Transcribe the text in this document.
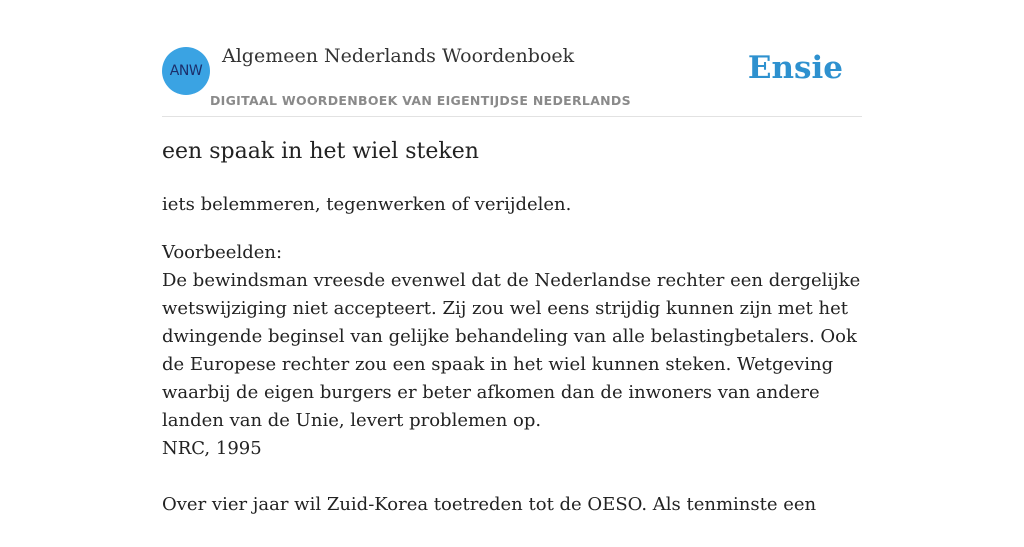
ANW
Algemeen Nederlands Woordenboek
DIGITAAL WOORDENBOEK VAN EIGENTIJDSE NEDERLANDS
Ensie
een spaak in het wiel steken

iets belemmeren, tegenwerken of verijdelen.

Voorbeelden:

De bewindsman vreesde evenwel dat de Nederlandse rechter een dergelijke wetswijziging niet accepteert. Zij zou wel eens strijdig kunnen zijn met het dwingende beginsel van gelijke behandeling van alle belastingbetalers. Ook de Europese rechter zou een spaak in het wiel kunnen steken. Wetgeving waarbij de eigen burgers er beter afkomen dan de inwoners van andere landen van de Unie, levert problemen op.
NRC, 1995
Over vier jaar wil Zuid-Korea toetreden tot de OESO. Als tenminste een
